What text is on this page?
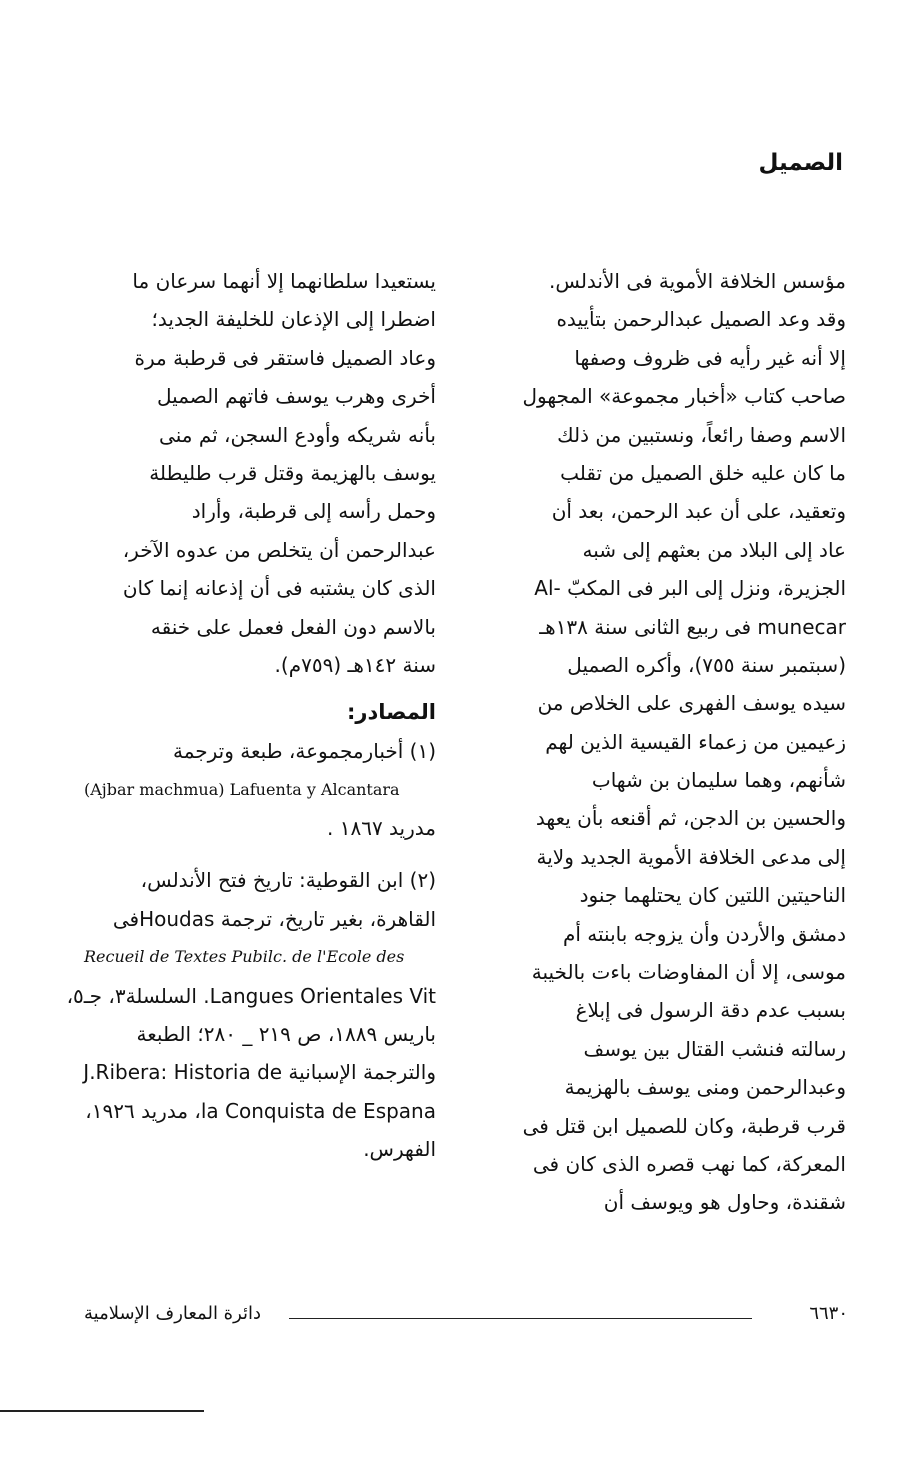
الصميل
مؤسس الخلافة الأموية فى الأندلس.
وقد وعد الصميل عبدالرحمن بتأييده
إلا أنه غير رأيه فى ظروف وصفها
صاحب كتاب «أخبار مجموعة» المجهول
الاسم وصفا رائعاً، ونستبين من ذلك
ما كان عليه خلق الصميل من تقلب
وتعقيد، على أن عبد الرحمن، بعد أن
عاد إلى البلاد من بعثهم إلى شبه
الجزيرة، ونزل إلى البر فى المكبّ -Al
munecar فى ربيع الثانى سنة ١٣٨هـ
(سبتمبر سنة ٧٥٥)، وأكره الصميل
سيده يوسف الفهرى على الخلاص من
زعيمين من زعماء القيسية الذين لهم
شأنهم، وهما سليمان بن شهاب
والحسين بن الدجن، ثم أقنعه بأن يعهد
إلى مدعى الخلافة الأموية الجديد ولاية
الناحيتين اللتين كان يحتلهما جنود
دمشق والأردن وأن يزوجه بابنته أم
موسى، إلا أن المفاوضات باءت بالخيبة
بسبب عدم دقة الرسول فى إبلاغ
رسالته فنشب القتال بين يوسف
وعبدالرحمن ومنى يوسف بالهزيمة
قرب قرطبة، وكان للصميل ابن قتل فى
المعركة، كما نهب قصره الذى كان فى
شقندة، وحاول هو ويوسف أن
يستعيدا سلطانهما إلا أنهما سرعان ما
اضطرا إلى الإذعان للخليفة الجديد؛
وعاد الصميل فاستقر فى قرطبة مرة
أخرى وهرب يوسف فاتهم الصميل
بأنه شريكه وأودع السجن، ثم منى
يوسف بالهزيمة وقتل قرب طليطلة
وحمل رأسه إلى قرطبة، وأراد
عبدالرحمن أن يتخلص من عدوه الآخر،
الذى كان يشتبه فى أن إذعانه إنما كان
بالاسم دون الفعل فعمل على خنقه
سنة ١٤٢هـ (٧٥٩م).
المصادر:
(١) أخبارمجموعة، طبعة وترجمة
(Ajbar machmua) Lafuenta y Alcantara
مدريد ١٨٦٧ .
(٢) ابن القوطية: تاريخ فتح الأندلس،
القاهرة، بغير تاريخ، ترجمة Houdasفى
Recueil de Textes Pubilc. de l'Ecole des
Langues Orientales Vit. السلسلة٣، جـ٥،
باريس ١٨٨٩، ص ٢١٩ _ ٢٨٠؛ الطبعة
والترجمة الإسبانية J.Ribera: Historia de
la Conquista de Espana، مدريد ١٩٢٦،
الفهرس.
٦٦٣٠
دائرة المعارف الإسلامية
